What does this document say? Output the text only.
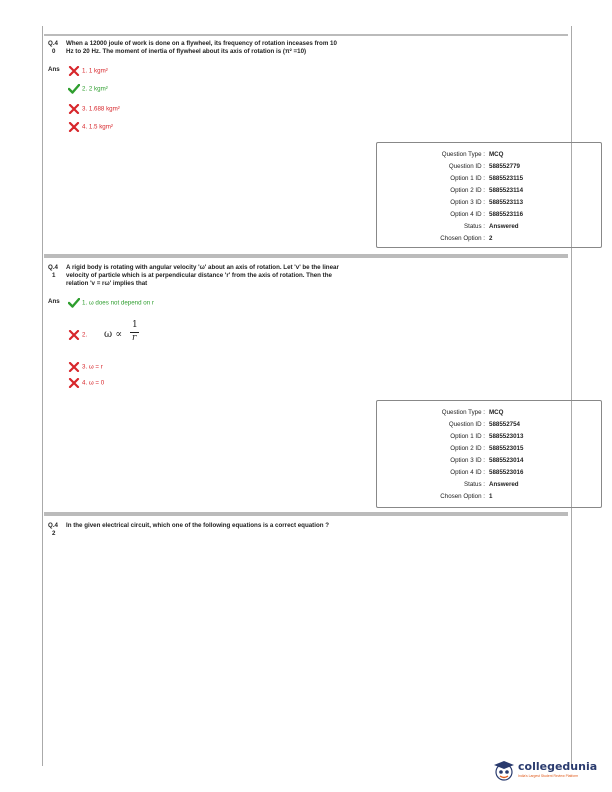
Q.4
0
When a 12000 joule of work is done on a flywheel, its frequency of rotation inceases from 10
Hz to 20 Hz. The moment of inertia of flywheel about its axis of rotation is (π² =10)
Ans	1. 1 kgm²
2. 2 kgm²
3. 1.688 kgm²
4. 1.5 kgm²
Question Type : MCQ
Question ID : 588552779
Option 1 ID : 5885523115
Option 2 ID : 5885523114
Option 3 ID : 5885523113
Option 4 ID : 5885523116
Status : Answered
Chosen Option : 2
Q.4
1
A rigid body is rotating with angular velocity 'ω' about an axis of rotation. Let 'v' be the linear
velocity of particle which is at perpendicular distance 'r' from the axis of rotation. Then the
relation 'v = rω' implies that
Ans	1. ω does not depend on r
2. ω ∝
1
r
3. ω = r
4. ω = 0
Question Type : MCQ
Question ID : 588552754
Option 1 ID : 5885523013
Option 2 ID : 5885523015
Option 3 ID : 5885523014
Option 4 ID : 5885523016
Status : Answered
Chosen Option : 1
Q.4
2
In the given electrical circuit, which one of the following equations is a correct equation ?
collegedunia
India's Largest Student Review Platform
